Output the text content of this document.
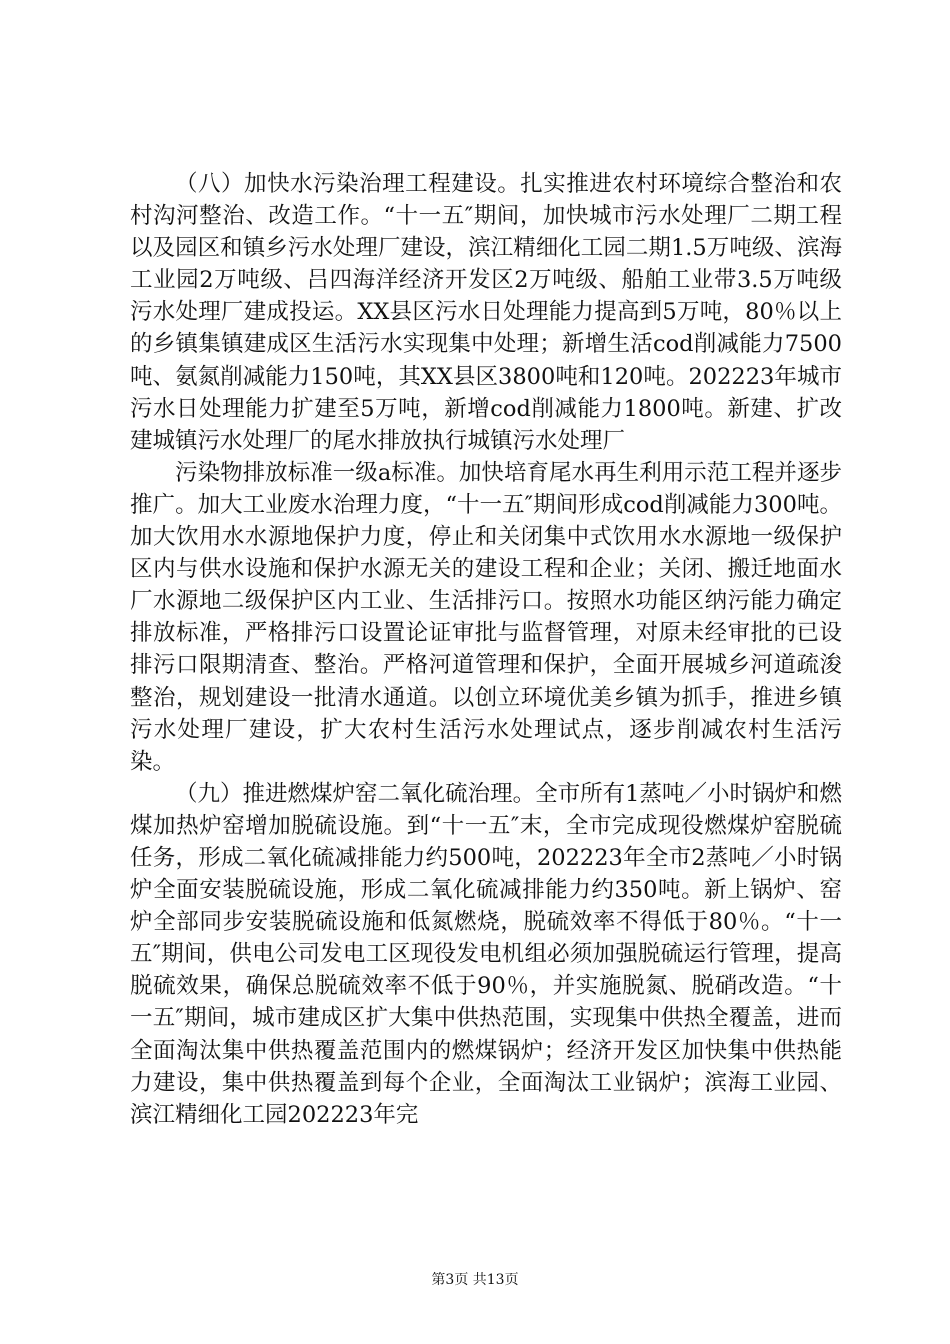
（八）加快水污染治理工程建设。扎实推进农村环境综合整治和农村沟河整治、改造工作。“十一五″期间，加快城市污水处理厂二期工程以及园区和镇乡污水处理厂建设，滨江精细化工园二期1.5万吨级、滨海工业园2万吨级、吕四海洋经济开发区2万吨级、船舶工业带3.5万吨级污水处理厂建成投运。XX县区污水日处理能力提高到5万吨，80％以上的乡镇集镇建成区生活污水实现集中处理；新增生活cod削减能力7500吨、氨氮削减能力150吨，其XX县区3800吨和120吨。202223年城市污水日处理能力扩建至5万吨，新增cod削减能力1800吨。新建、扩改建城镇污水处理厂的尾水排放执行城镇污水处理厂

污染物排放标准一级a标准。加快培育尾水再生利用示范工程并逐步推广。加大工业废水治理力度，“十一五″期间形成cod削减能力300吨。加大饮用水水源地保护力度，停止和关闭集中式饮用水水源地一级保护区内与供水设施和保护水源无关的建设工程和企业；关闭、搬迁地面水厂水源地二级保护区内工业、生活排污口。按照水功能区纳污能力确定排放标准，严格排污口设置论证审批与监督管理，对原未经审批的已设排污口限期清查、整治。严格河道管理和保护，全面开展城乡河道疏浚整治，规划建设一批清水通道。以创立环境优美乡镇为抓手，推进乡镇污水处理厂建设，扩大农村生活污水处理试点，逐步削减农村生活污染。

（九）推进燃煤炉窑二氧化硫治理。全市所有1蒸吨／小时锅炉和燃煤加热炉窑增加脱硫设施。到“十一五″末，全市完成现役燃煤炉窑脱硫任务，形成二氧化硫减排能力约500吨，202223年全市2蒸吨／小时锅炉全面安装脱硫设施，形成二氧化硫减排能力约350吨。新上锅炉、窑炉全部同步安装脱硫设施和低氮燃烧，脱硫效率不得低于80％。“十一五″期间，供电公司发电工区现役发电机组必须加强脱硫运行管理，提高脱硫效果，确保总脱硫效率不低于90％，并实施脱氮、脱硝改造。“十一五″期间，城市建成区扩大集中供热范围，实现集中供热全覆盖，进而全面淘汰集中供热覆盖范围内的燃煤锅炉；经济开发区加快集中供热能力建设，集中供热覆盖到每个企业，全面淘汰工业锅炉；滨海工业园、滨江精细化工园202223年完

第3页 共13页
